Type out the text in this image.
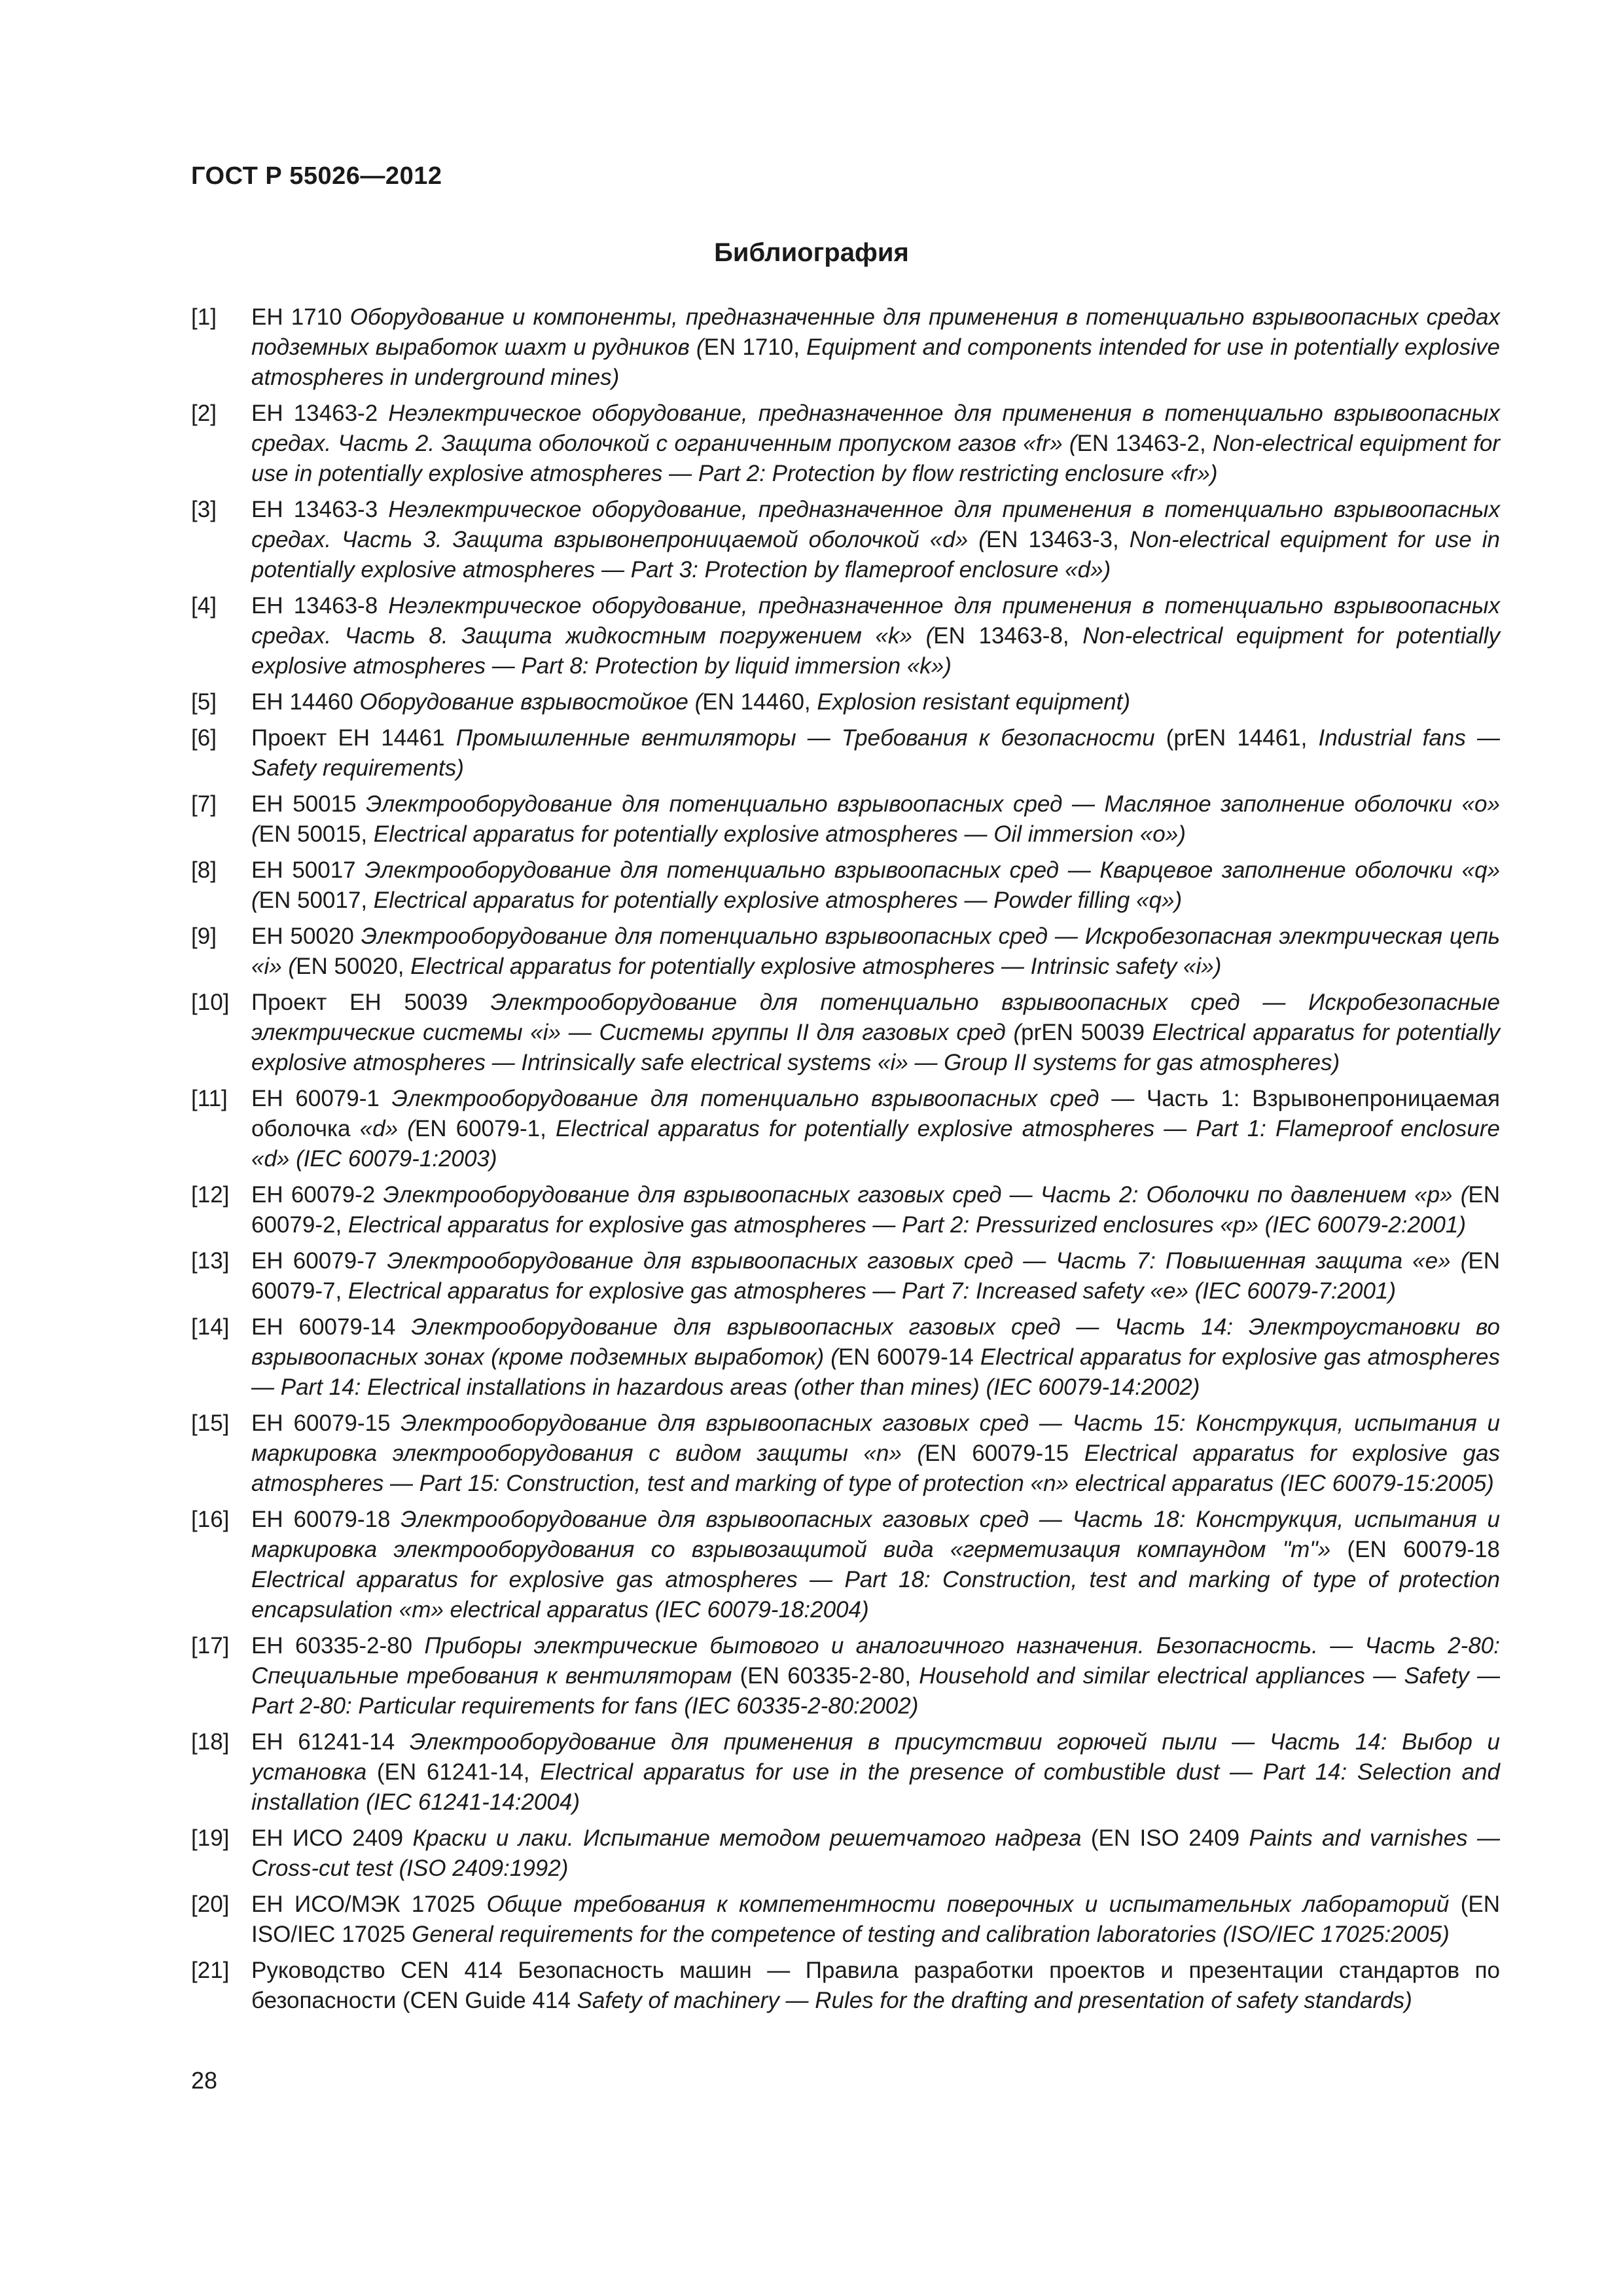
ГОСТ Р 55026—2012
Библиография
[1]	ЕН 1710 Оборудование и компоненты, предназначенные для применения в потенциально взрывоопасных средах подземных выработок шахт и рудников (EN 1710, Equipment and components intended for use in potentially explosive atmospheres in underground mines)
[2]	ЕН 13463-2 Неэлектрическое оборудование, предназначенное для применения в потенциально взрывоопасных средах. Часть 2. Защита оболочкой с ограниченным пропуском газов «fr» (EN 13463-2, Non-electrical equipment for use in potentially explosive atmospheres — Part 2: Protection by flow restricting enclosure «fr»)
[3]	ЕН 13463-3 Неэлектрическое оборудование, предназначенное для применения в потенциально взрывоопасных средах. Часть 3. Защита взрывонепроницаемой оболочкой «d» (EN 13463-3, Non-electrical equipment for use in potentially explosive atmospheres — Part 3: Protection by flameproof enclosure «d»)
[4]	ЕН 13463-8 Неэлектрическое оборудование, предназначенное для применения в потенциально взрывоопасных средах. Часть 8. Защита жидкостным погружением «k» (EN 13463-8, Non-electrical equipment for potentially explosive atmospheres — Part 8: Protection by liquid immersion «k»)
[5]	ЕН 14460 Оборудование взрывостойкое (EN 14460, Explosion resistant equipment)
[6]	Проект ЕН 14461 Промышленные вентиляторы — Требования к безопасности (prEN 14461, Industrial fans — Safety requirements)
[7]	ЕН 50015 Электрооборудование для потенциально взрывоопасных сред — Масляное заполнение оболочки «о» (EN 50015, Electrical apparatus for potentially explosive atmospheres — Oil immersion «o»)
[8]	ЕН 50017 Электрооборудование для потенциально взрывоопасных сред — Кварцевое заполнение оболочки «q» (EN 50017, Electrical apparatus for potentially explosive atmospheres — Powder filling «q»)
[9]	ЕН 50020 Электрооборудование для потенциально взрывоопасных сред — Искробезопасная электрическая цепь «i» (EN 50020, Electrical apparatus for potentially explosive atmospheres — Intrinsic safety «i»)
[10] Проект ЕН 50039 Электрооборудование для потенциально взрывоопасных сред — Искробезопасные электрические системы «i» — Системы группы II для газовых сред (prEN 50039 Electrical apparatus for potentially explosive atmospheres — Intrinsically safe electrical systems «i» — Group II systems for gas atmospheres)
[11]	ЕН 60079-1 Электрооборудование для потенциально взрывоопасных сред — Часть 1: Взрывонепроницаемая оболочка «d» (EN 60079-1, Electrical apparatus for potentially explosive atmospheres — Part 1: Flameproof enclosure «d» (IEC 60079-1:2003)
[12] ЕН 60079-2 Электрооборудование для взрывоопасных газовых сред — Часть 2: Оболочки по давлением «р» (EN 60079-2, Electrical apparatus for explosive gas atmospheres — Part 2: Pressurized enclosures «p» (IEC 60079-2:2001)
[13] ЕН 60079-7 Электрооборудование для взрывоопасных газовых сред — Часть 7: Повышенная защита «е» (EN 60079-7, Electrical apparatus for explosive gas atmospheres — Part 7: Increased safety «e» (IEC 60079-7:2001)
[14] ЕН 60079-14 Электрооборудование для взрывоопасных газовых сред — Часть 14: Электроустановки во взрывоопасных зонах (кроме подземных выработок) (EN 60079-14 Electrical apparatus for explosive gas atmospheres — Part 14: Electrical installations in hazardous areas (other than mines) (IEC 60079-14:2002)
[15] ЕН 60079-15 Электрооборудование для взрывоопасных газовых сред — Часть 15: Конструкция, испытания и маркировка электрооборудования с видом защиты «n» (EN 60079-15 Electrical apparatus for explosive gas atmospheres — Part 15: Construction, test and marking of type of protection «n» electrical apparatus (IEC 60079-15:2005)
[16] ЕН 60079-18 Электрооборудование для взрывоопасных газовых сред — Часть 18: Конструкция, испытания и маркировка электрооборудования со взрывозащитой вида «герметизация компаундом "m"» (EN 60079-18 Electrical apparatus for explosive gas atmospheres — Part 18: Construction, test and marking of type of protection encapsulation «m» electrical apparatus (IEC 60079-18:2004)
[17] ЕН 60335-2-80 Приборы электрические бытового и аналогичного назначения. Безопасность. — Часть 2-80: Специальные требования к вентиляторам (EN 60335-2-80, Household and similar electrical appliances — Safety — Part 2-80: Particular requirements for fans (IEC 60335-2-80:2002)
[18] ЕН 61241-14 Электрооборудование для применения в присутствии горючей пыли — Часть 14: Выбор и установка (EN 61241-14, Electrical apparatus for use in the presence of combustible dust — Part 14: Selection and installation (IEC 61241-14:2004)
[19] ЕН ИСО 2409 Краски и лаки. Испытание методом решетчатого надреза (EN ISO 2409 Paints and varnishes — Cross-cut test (ISO 2409:1992)
[20] ЕН ИСО/МЭК 17025 Общие требования к компетентности поверочных и испытательных лабораторий (EN ISO/IEC 17025 General requirements for the competence of testing and calibration laboratories (ISO/IEC 17025:2005)
[21] Руководство CEN 414 Безопасность машин — Правила разработки проектов и презентации стандартов по безопасности (CEN Guide 414 Safety of machinery — Rules for the drafting and presentation of safety standards)
28
